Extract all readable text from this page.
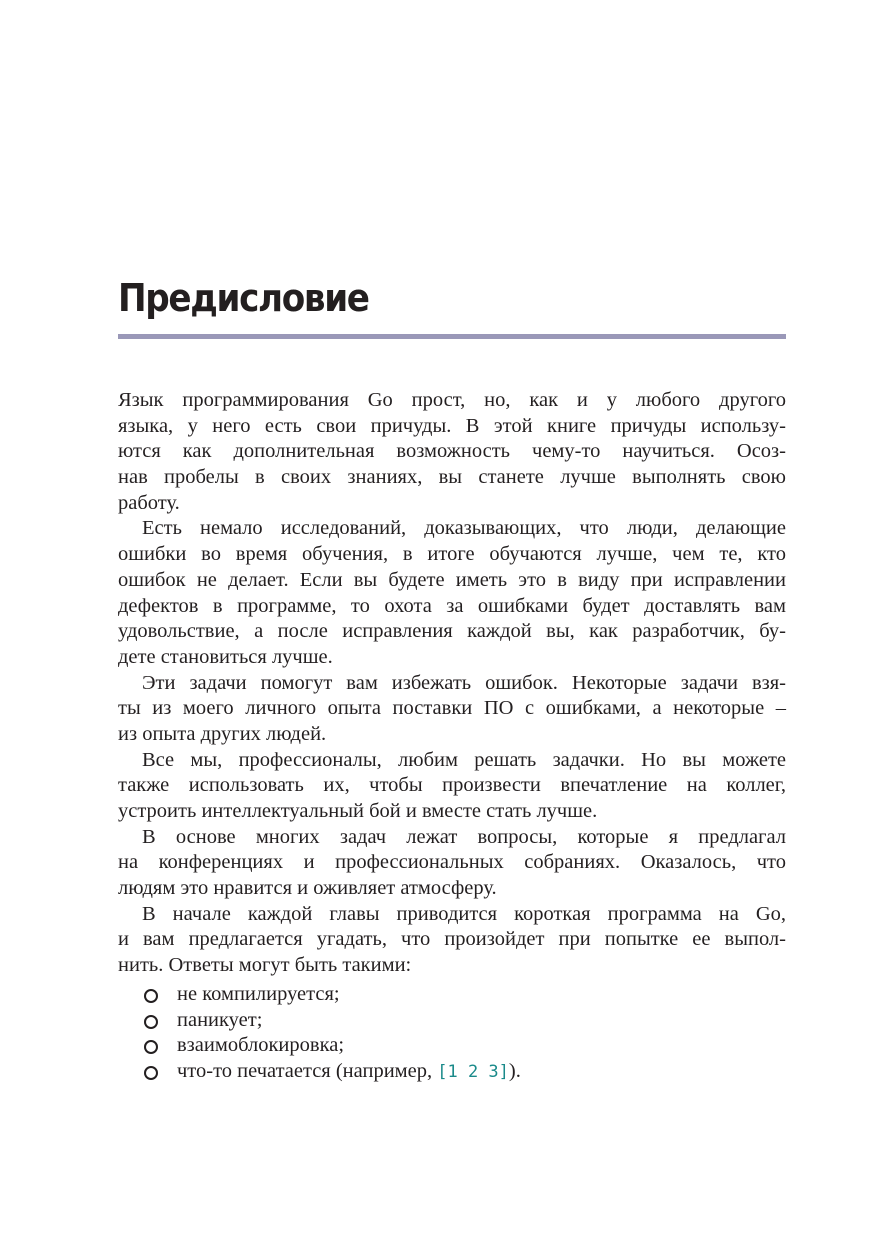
Предисловие
Язык программирования Go прост, но, как и у любого другого
языка, у него есть свои причуды. В этой книге причуды использу-
ются как дополнительная возможность чему-то научиться. Осоз-
нав пробелы в своих знаниях, вы станете лучше выполнять свою
работу.
Есть немало исследований, доказывающих, что люди, делающие
ошибки во время обучения, в итоге обучаются лучше, чем те, кто
ошибок не делает. Если вы будете иметь это в виду при исправлении
дефектов в программе, то охота за ошибками будет доставлять вам
удовольствие, а после исправления каждой вы, как разработчик, бу-
дете становиться лучше.
Эти задачи помогут вам избежать ошибок. Некоторые задачи взя-
ты из моего личного опыта поставки ПО с ошибками, а некоторые –
из опыта других людей.
Все мы, профессионалы, любим решать задачки. Но вы можете
также использовать их, чтобы произвести впечатление на коллег,
устроить интеллектуальный бой и вместе стать лучше.
В основе многих задач лежат вопросы, которые я предлагал
на конференциях и профессиональных собраниях. Оказалось, что
людям это нравится и оживляет атмосферу.
В начале каждой главы приводится короткая программа на Go,
и вам предлагается угадать, что произойдет при попытке ее выпол-
нить. Ответы могут быть такими:
не компилируется;
паникует;
взаимоблокировка;
что-то печатается (например, [1 2 3]).
